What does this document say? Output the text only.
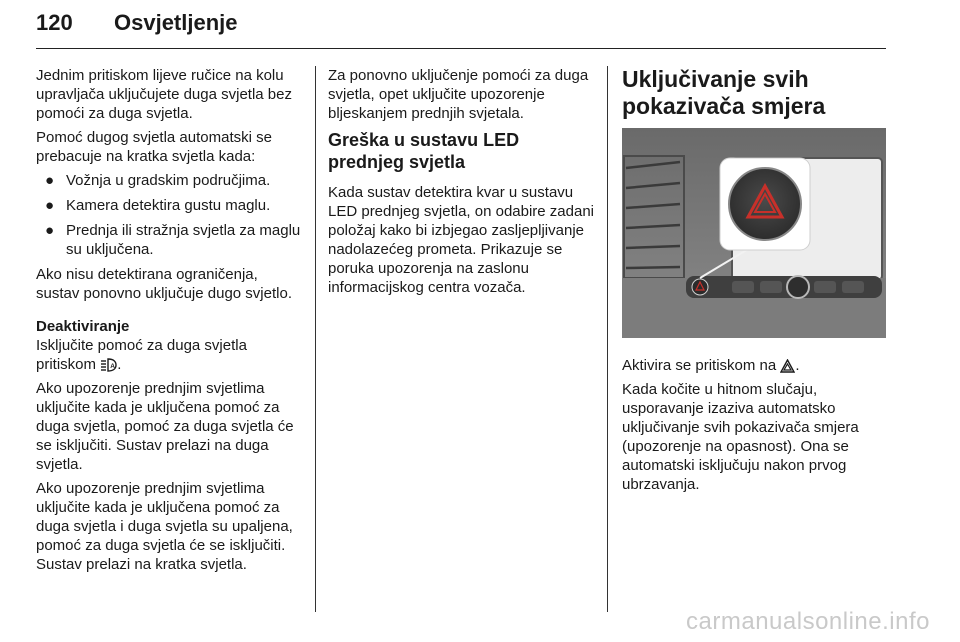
120 Osvjetljenje

Jednim pritiskom lijeve ručice na kolu upravljača uključujete duga svjetla bez pomoći za duga svjetla.

Pomoć dugog svjetla automatski se prebacuje na kratka svjetla kada:

● Vožnja u gradskim područjima.
● Kamera detektira gustu maglu.
● Prednja ili stražnja svjetla za maglu su uključena.

Ako nisu detektirana ograničenja, sustav ponovno uključuje dugo svjetlo.

Deaktiviranje

Isključite pomoć za duga svjetla pritiskom A .

Ako upozorenje prednjim svjetlima uključite kada je uključena pomoć za duga svjetla, pomoć za duga svjetla će se isključiti. Sustav prelazi na duga svjetla.

Ako upozorenje prednjim svjetlima uključite kada je uključena pomoć za duga svjetla i duga svjetla su upaljena, pomoć za duga svjetla će se isključiti. Sustav prelazi na kratka svjetla.

Za ponovno uključenje pomoći za duga svjetla, opet uključite upozorenje bljeskanjem prednjih svjetala.

Greška u sustavu LED prednjeg svjetla

Kada sustav detektira kvar u sustavu LED prednjeg svjetla, on odabire zadani položaj kako bi izbjegao zasljepljivanje nadolazećeg prometa. Prikazuje se poruka upozorenja na zaslonu informacijskog centra vozača.

Uključivanje svih pokazivača smjera

Aktivira se pritiskom na .

Kada kočite u hitnom slučaju, usporavanje izaziva automatsko uključivanje svih pokazivača smjera (upozorenje na opasnost). Ona se automatski isključuju nakon prvog ubrzavanja.

carmanualsonline.info
